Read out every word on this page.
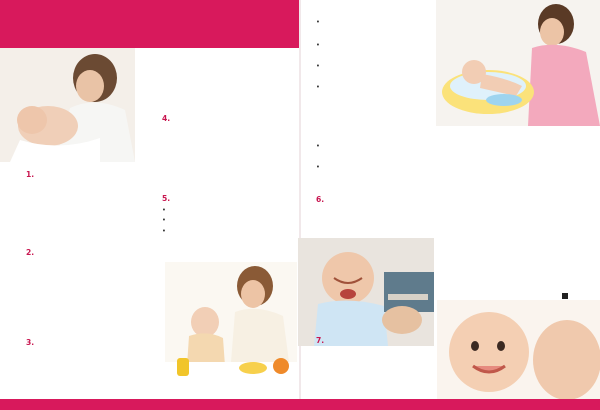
1.
2.
3.
4.
5.
•
•
•
•
•
•
•
•
•
6.
7.
